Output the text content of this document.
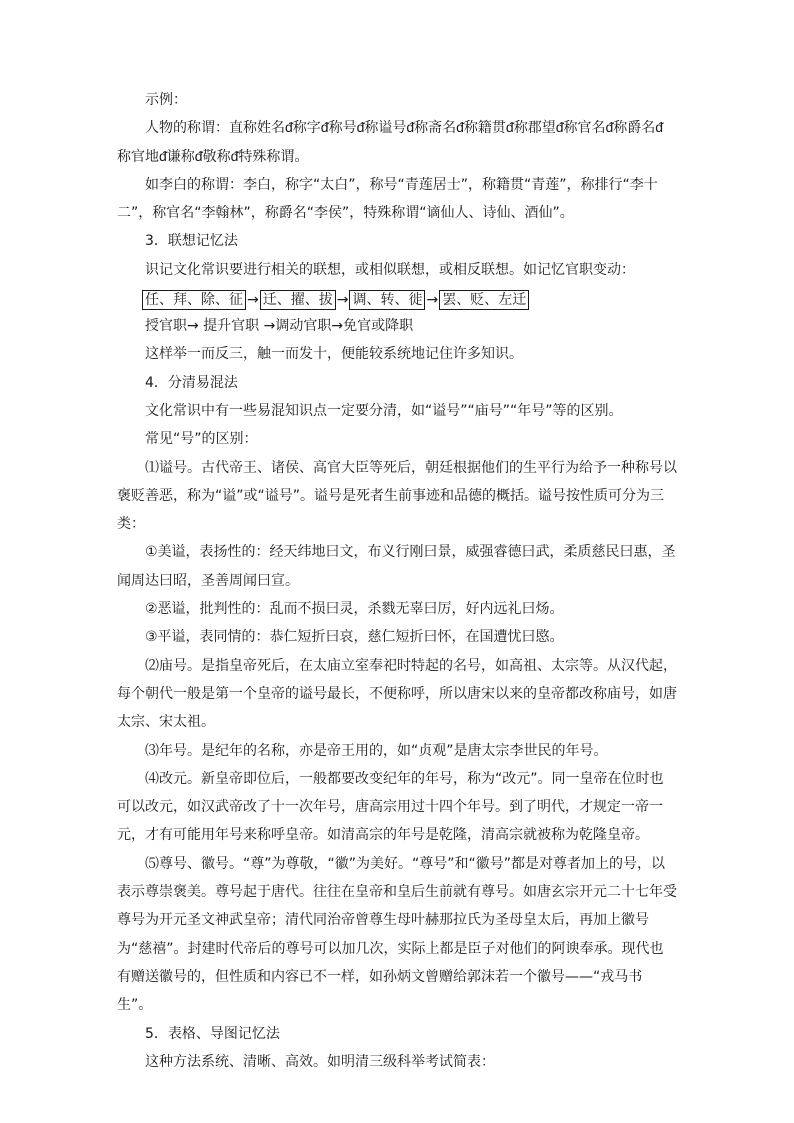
示例：

人物的称谓：直称姓名ᵭ称字ᵭ称号ᵭ称谥号ᵭ称斋名ᵭ称籍贯ᵭ称郡望ᵭ称官名ᵭ称爵名ᵭ称官地ᵭ谦称ᵭ敬称ᵭ特殊称谓。

如李白的称谓：李白，称字“太白”，称号“青莲居士”，称籍贯“青莲”，称排行“李十二”，称官名“李翰林”，称爵名“李侯”，特殊称谓“谪仙人、诗仙、酒仙”。

3．联想记忆法

识记文化常识要进行相关的联想，或相似联想，或相反联想。如记忆官职变动：

任、拜、除、征 → 迁、擢、拔 → 调、转、徙 → 罢、贬、左迁

授官职→ 提升官职 →调动官职→免官或降职

这样举一而反三，触一而发十，便能较系统地记住许多知识。

4．分清易混法

文化常识中有一些易混知识点一定要分清，如“谥号”“庙号”“年号”等的区别。

常见“号”的区别：

⑴谥号。古代帝王、诸侯、高官大臣等死后，朝廷根据他们的生平行为给予一种称号以褒贬善恶，称为“谥”或“谥号”。谥号是死者生前事迹和品德的概括。谥号按性质可分为三类：

①美谥，表扬性的：经天纬地曰文，布义行刚曰景，威强睿德曰武，柔质慈民曰惠，圣闻周达曰昭，圣善周闻曰宣。

②恶谥，批判性的：乱而不损曰灵，杀戮无辜曰厉，好内远礼曰炀。

③平谥，表同情的：恭仁短折曰哀，慈仁短折曰怀，在国遭忧曰愍。

⑵庙号。是指皇帝死后，在太庙立室奉祀时特起的名号，如高祖、太宗等。从汉代起，每个朝代一般是第一个皇帝的谥号最长，不便称呼，所以唐宋以来的皇帝都改称庙号，如唐太宗、宋太祖。

⑶年号。是纪年的名称，亦是帝王用的，如“贞观”是唐太宗李世民的年号。

⑷改元。新皇帝即位后，一般都要改变纪年的年号，称为“改元”。同一皇帝在位时也可以改元，如汉武帝改了十一次年号，唐高宗用过十四个年号。到了明代，才规定一帝一元，才有可能用年号来称呼皇帝。如清高宗的年号是乾隆，清高宗就被称为乾隆皇帝。

⑸尊号、徽号。“尊”为尊敬，“徽”为美好。“尊号”和“徽号”都是对尊者加上的号，以表示尊崇褒美。尊号起于唐代。往往在皇帝和皇后生前就有尊号。如唐玄宗开元二十七年受尊号为开元圣文神武皇帝；清代同治帝曾尊生母叶赫那拉氏为圣母皇太后，再加上徽号为“慈禧”。封建时代帝后的尊号可以加几次，实际上都是臣子对他们的阿谀奉承。现代也有赠送徽号的，但性质和内容已不一样，如孙炳文曾赠给郭沫若一个徽号——“戎马书生”。

5．表格、导图记忆法

这种方法系统、清晰、高效。如明清三级科举考试简表：
